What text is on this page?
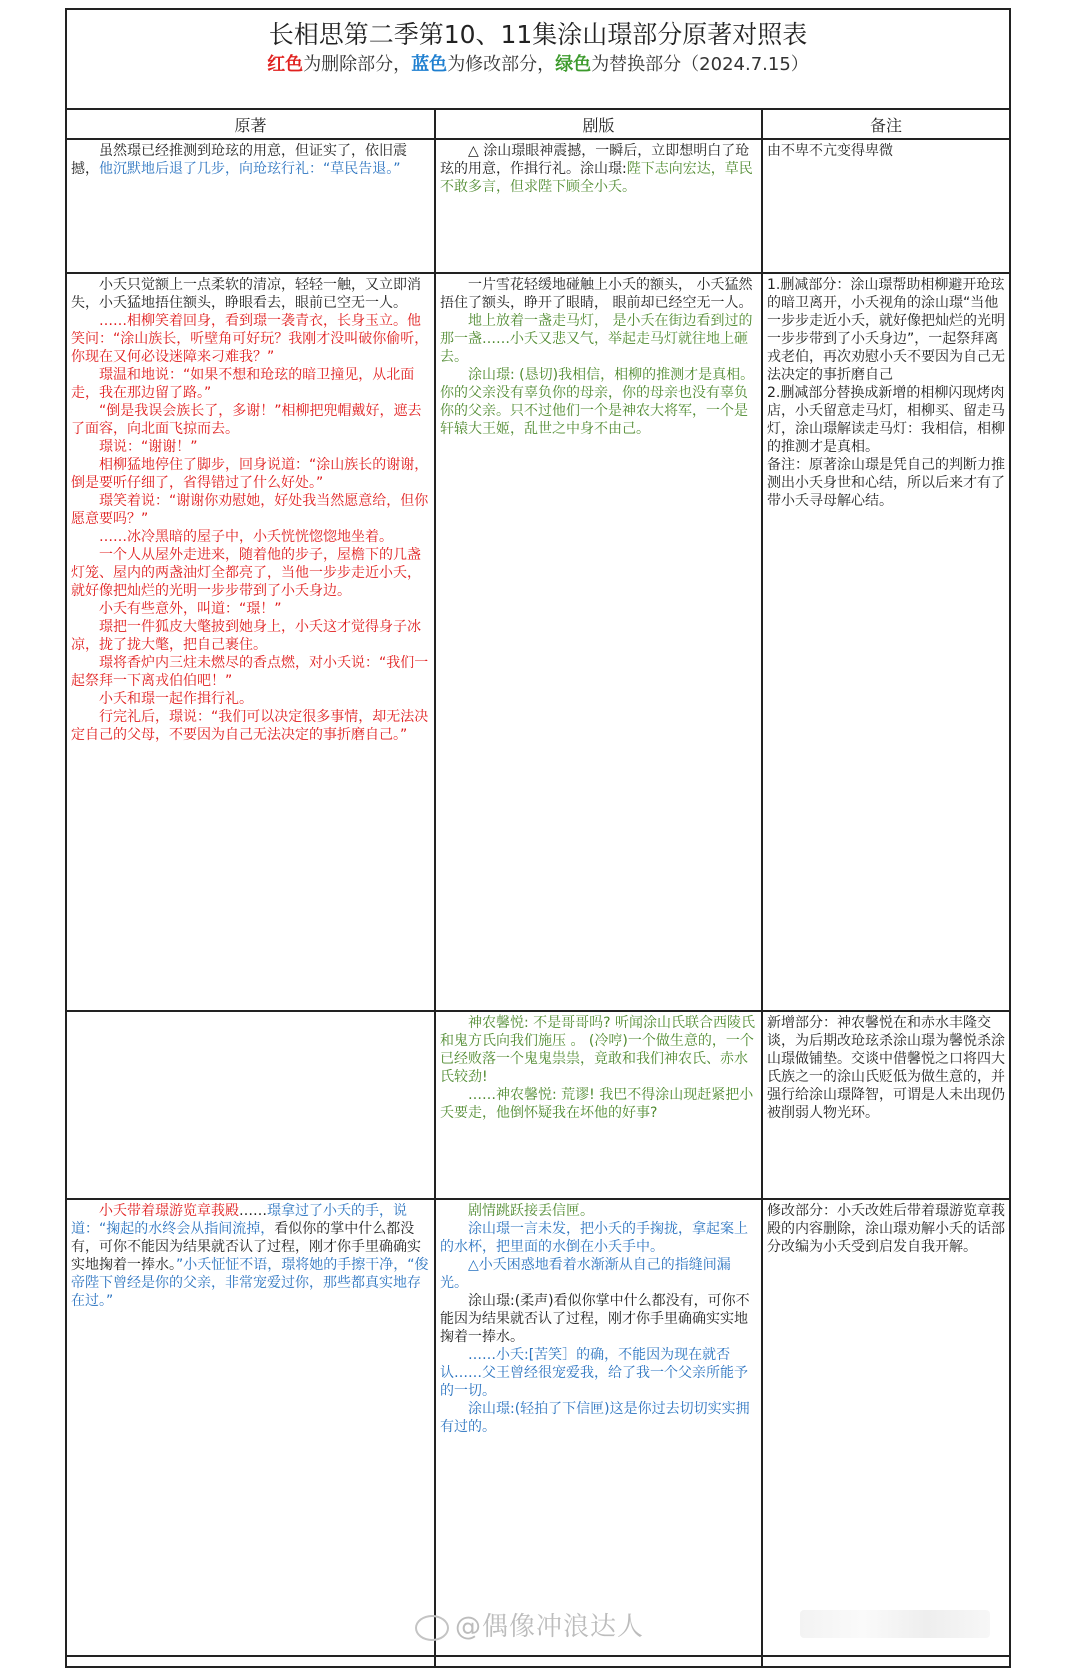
长相思第二季第10、11集涂山璟部分原著对照表
红色为删除部分，蓝色为修改部分，绿色为替换部分（2024.7.15）
原著	剧版	备注

虽然璟已经推测到玱玹的用意，但证实了，依旧震撼，他沉默地后退了几步，向玱玹行礼：“草民告退。”

△ 涂山璟眼神震撼，一瞬后，立即想明白了玱玹的用意，作揖行礼。涂山璟:陛下志向宏达，草民不敢多言，但求陛下顾全小夭。

由不卑不亢变得卑微

小夭只觉额上一点柔软的清凉，轻轻一触，又立即消失，小夭猛地捂住额头，睁眼看去，眼前已空无一人。

……相柳笑着回身，看到璟一袭青衣，长身玉立。他笑问：“涂山族长，听壁角可好玩？我刚才没叫破你偷听，你现在又何必设迷障来刁难我？”

璟温和地说：“如果不想和玱玹的暗卫撞见，从北面走，我在那边留了路。”

“倒是我误会族长了，多谢！”相柳把兜帽戴好，遮去了面容，向北面飞掠而去。

璟说：“谢谢！”

相柳猛地停住了脚步，回身说道：“涂山族长的谢谢，倒是要听仔细了，省得错过了什么好处。”

璟笑着说：“谢谢你劝慰她，好处我当然愿意给，但你愿意要吗？”

……冰冷黑暗的屋子中，小夭恍恍惚惚地坐着。

一个人从屋外走进来，随着他的步子，屋檐下的几盏灯笼、屋内的两盏油灯全都亮了，当他一步步走近小夭，就好像把灿烂的光明一步步带到了小夭身边。

小夭有些意外，叫道：“璟！”

璟把一件狐皮大氅披到她身上，小夭这才觉得身子冰凉，拢了拢大氅，把自己裹住。

璟将香炉内三炷未燃尽的香点燃，对小夭说：“我们一起祭拜一下离戎伯伯吧！”

小夭和璟一起作揖行礼。

行完礼后，璟说：“我们可以决定很多事情，却无法决定自己的父母，不要因为自己无法决定的事折磨自己。”

一片雪花轻缓地碰触上小夭的额头， 小夭猛然捂住了额头，睁开了眼睛， 眼前却已经空无一人。

地上放着一盏走马灯， 是小夭在街边看到过的那一盏……小夭又悲又气，举起走马灯就往地上砸去。

涂山璟: (恳切)我相信，相柳的推测才是真相。你的父亲没有辜负你的母亲，你的母亲也没有辜负你的父亲。只不过他们一个是神农大将军，一个是轩辕大王姬，乱世之中身不由己。

1.删减部分：涂山璟帮助相柳避开玱玹的暗卫离开，小夭视角的涂山璟“当他一步步走近小夭，就好像把灿烂的光明一步步带到了小夭身边”，一起祭拜离戎老伯，再次劝慰小夭不要因为自己无法决定的事折磨自己

2.删减部分替换成新增的相柳闪现烤肉店，小夭留意走马灯，相柳买、留走马灯，涂山璟解读走马灯：我相信，相柳的推测才是真相。

备注：原著涂山璟是凭自己的判断力推测出小夭身世和心结，所以后来才有了带小夭寻母解心结。

神农馨悦: 不是哥哥吗? 听闻涂山氏联合西陵氏和鬼方氏向我们施压 。 (冷哼)一个做生意的，一个已经败落一个鬼鬼祟祟，竟敢和我们神农氏、赤水氏较劲!

……神农馨悦: 荒谬! 我巴不得涂山现赶紧把小夭要走，他倒怀疑我在坏他的好事?

新增部分：神农馨悦在和赤水丰隆交谈，为后期改玱玹杀涂山璟为馨悦杀涂山璟做铺垫。交谈中借馨悦之口将四大氏族之一的涂山氏贬低为做生意的，并强行给涂山璟降智，可谓是人未出现仍被削弱人物光环。

小夭带着璟游览章莪殿……璟拿过了小夭的手，说道：“掬起的水终会从指间流掉，看似你的掌中什么都没有，可你不能因为结果就否认了过程，刚才你手里确确实实地掬着一捧水。”小夭怔怔不语，璟将她的手擦干净，“俊帝陛下曾经是你的父亲，非常宠爱过你，那些都真实地存在过。”

剧情跳跃接丢信匣。

涂山璟一言未发，把小夭的手掬拢，拿起案上的水杯，把里面的水倒在小夭手中。

△小夭困惑地看着水渐渐从自己的指缝间漏光。

涂山璟:(柔声)看似你掌中什么都没有，可你不能因为结果就否认了过程，刚才你手里确确实实地掬着一捧水。

……小夭:[苦笑］的确，不能因为现在就否认……父王曾经很宠爱我，给了我一个父亲所能予的一切。

涂山璟:(轻拍了下信匣)这是你过去切切实实拥有过的。

修改部分：小夭改姓后带着璟游览章莪殿的内容删除，涂山璟劝解小夭的话部分改编为小夭受到启发自我开解。

@偶像冲浪达人
